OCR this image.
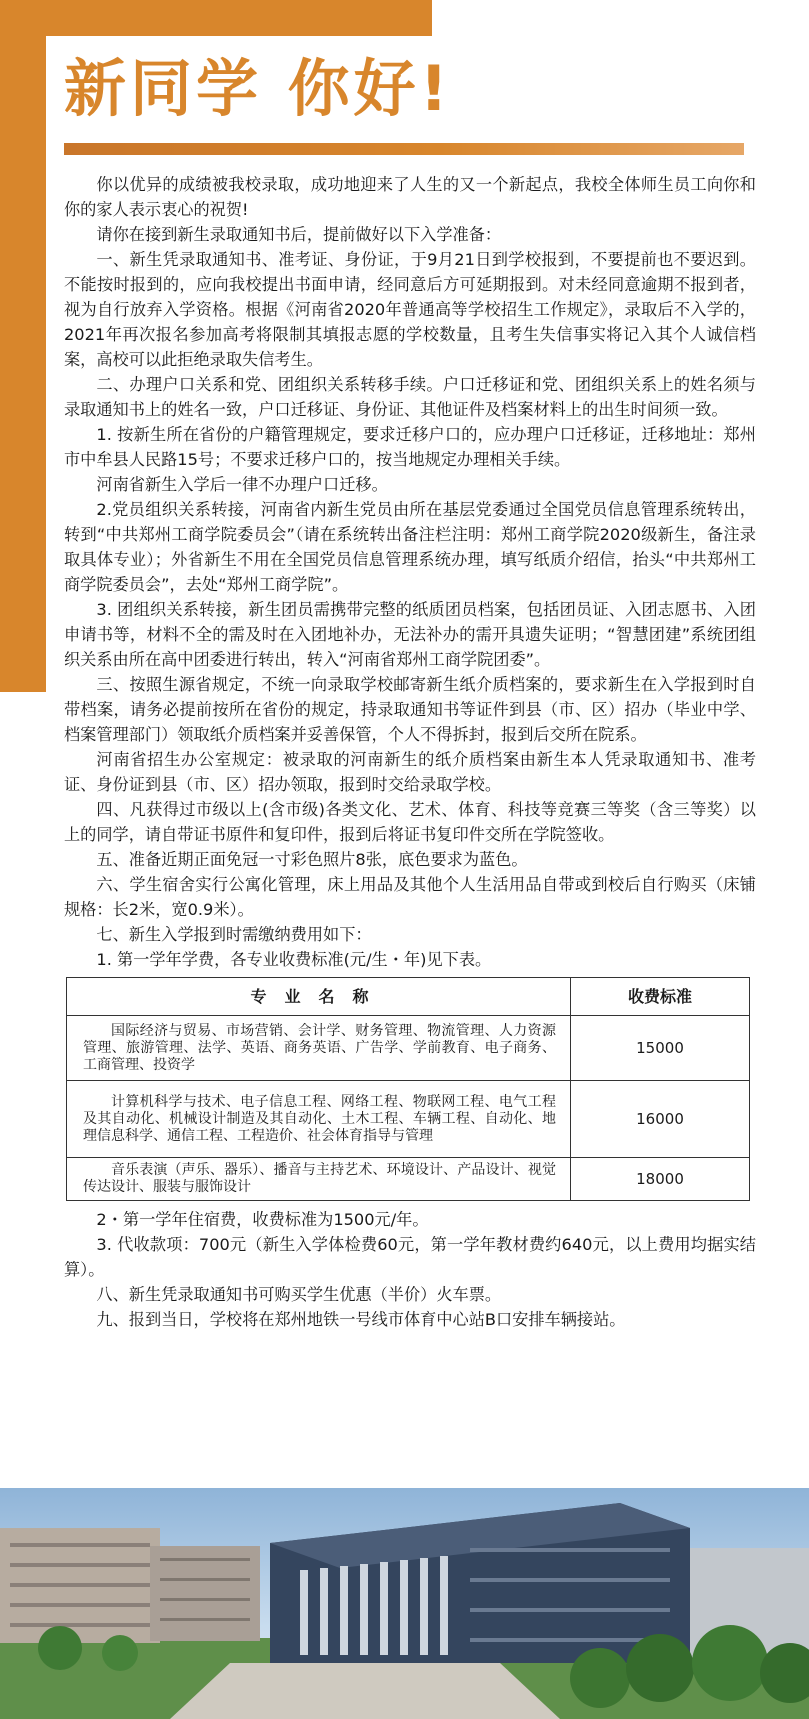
新同学 你好!

你以优异的成绩被我校录取，成功地迎来了人生的又一个新起点，我校全体师生员工向你和你的家人表示衷心的祝贺!

请你在接到新生录取通知书后，提前做好以下入学准备：

一、新生凭录取通知书、准考证、身份证，于9月21日到学校报到，不要提前也不要迟到。不能按时报到的，应向我校提出书面申请，经同意后方可延期报到。对未经同意逾期不报到者，视为自行放弃入学资格。根据《河南省2020年普通高等学校招生工作规定》，录取后不入学的，2021年再次报名参加高考将限制其填报志愿的学校数量，且考生失信事实将记入其个人诚信档案，高校可以此拒绝录取失信考生。

二、办理户口关系和党、团组织关系转移手续。户口迁移证和党、团组织关系上的姓名须与录取通知书上的姓名一致，户口迁移证、身份证、其他证件及档案材料上的出生时间须一致。

1. 按新生所在省份的户籍管理规定，要求迁移户口的，应办理户口迁移证，迁移地址：郑州市中牟县人民路15号；不要求迁移户口的，按当地规定办理相关手续。

河南省新生入学后一律不办理户口迁移。

2.党员组织关系转接，河南省内新生党员由所在基层党委通过全国党员信息管理系统转出，转到“中共郑州工商学院委员会”（请在系统转出备注栏注明：郑州工商学院2020级新生，备注录取具体专业）；外省新生不用在全国党员信息管理系统办理，填写纸质介绍信，抬头“中共郑州工商学院委员会”，去处“郑州工商学院”。

3. 团组织关系转接，新生团员需携带完整的纸质团员档案，包括团员证、入团志愿书、入团申请书等，材料不全的需及时在入团地补办，无法补办的需开具遗失证明；“智慧团建”系统团组织关系由所在高中团委进行转出，转入“河南省郑州工商学院团委”。

三、按照生源省规定，不统一向录取学校邮寄新生纸介质档案的，要求新生在入学报到时自带档案，请务必提前按所在省份的规定，持录取通知书等证件到县（市、区）招办（毕业中学、档案管理部门）领取纸介质档案并妥善保管，个人不得拆封，报到后交所在院系。

河南省招生办公室规定：被录取的河南新生的纸介质档案由新生本人凭录取通知书、准考证、身份证到县（市、区）招办领取，报到时交给录取学校。

四、凡获得过市级以上(含市级)各类文化、艺术、体育、科技等竞赛三等奖（含三等奖）以上的同学，请自带证书原件和复印件，报到后将证书复印件交所在学院签收。

五、准备近期正面免冠一寸彩色照片8张，底色要求为蓝色。

六、学生宿舍实行公寓化管理，床上用品及其他个人生活用品自带或到校后自行购买（床铺规格：长2米，宽0.9米）。

七、新生入学报到时需缴纳费用如下：

1. 第一学年学费，各专业收费标准(元/生・年)见下表。

专业名称	收费标准
国际经济与贸易、市场营销、会计学、财务管理、物流管理、人力资源管理、旅游管理、法学、英语、商务英语、广告学、学前教育、电子商务、工商管理、投资学	15000
计算机科学与技术、电子信息工程、网络工程、物联网工程、电气工程及其自动化、机械设计制造及其自动化、土木工程、车辆工程、自动化、地理信息科学、通信工程、工程造价、社会体育指导与管理	16000
音乐表演（声乐、器乐）、播音与主持艺术、环境设计、产品设计、视觉传达设计、服装与服饰设计	18000

2・第一学年住宿费，收费标准为1500元/年。

3. 代收款项：700元（新生入学体检费60元，第一学年教材费约640元，以上费用均据实结算）。

八、新生凭录取通知书可购买学生优惠（半价）火车票。

九、报到当日，学校将在郑州地铁一号线市体育中心站B口安排车辆接站。
